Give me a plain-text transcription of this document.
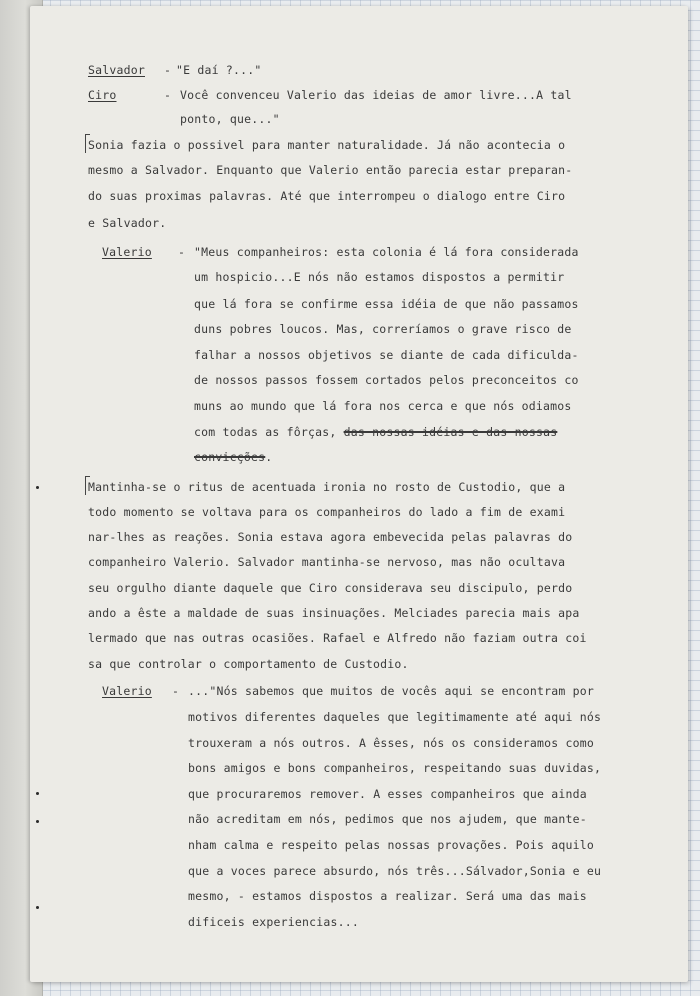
Salvador - "E daí ?..."
Ciro	- Você convenceu Valerio das ideias de amor livre...A tal
ponto, que..."
Sonia fazia o possivel para manter naturalidade. Já não acontecia o
mesmo a Salvador. Enquanto que Valerio então parecia estar preparan-
do suas proximas palavras. Até que interrompeu o dialogo entre Ciro
e Salvador.
Valerio - "Meus companheiros: esta colonia é lá fora considerada
um hospicio...E nós não estamos dispostos a permitir
que lá fora se confirme essa idéia de que não passamos
duns pobres loucos. Mas, correríamos o grave risco de
falhar a nossos objetivos se diante de cada dificulda-
de nossos passos fossem cortados pelos preconceitos co
muns ao mundo que lá fora nos cerca e que nós odiamos
com todas as fôrças, das nossas idéias e das nossas
convicções.
Mantinha-se o ritus de acentuada ironia no rosto de Custodio, que a
todo momento se voltava para os companheiros do lado a fim de exami
nar-lhes as reações. Sonia estava agora embevecida pelas palavras do
companheiro Valerio. Salvador mantinha-se nervoso, mas não ocultava
seu orgulho diante daquele que Ciro considerava seu discipulo, perdo
ando a êste a maldade de suas insinuações. Melciades parecia mais apa
lermado que nas outras ocasiões. Rafael e Alfredo não faziam outra coi
sa que controlar o comportamento de Custodio.
Valerio - ..."Nós sabemos que muitos de vocês aqui se encontram por
motivos diferentes daqueles que legitimamente até aqui nós
trouxeram a nós outros. A êsses, nós os consideramos como
bons amigos e bons companheiros, respeitando suas duvidas,
que procuraremos remover. A esses companheiros que ainda
não acreditam em nós, pedimos que nos ajudem, que mante-
nham calma e respeito pelas nossas provações. Pois aquilo
que a voces parece absurdo, nós três...Sálvador,Sonia e eu
mesmo, - estamos dispostos a realizar. Será uma das mais
dificeis experiencias...
